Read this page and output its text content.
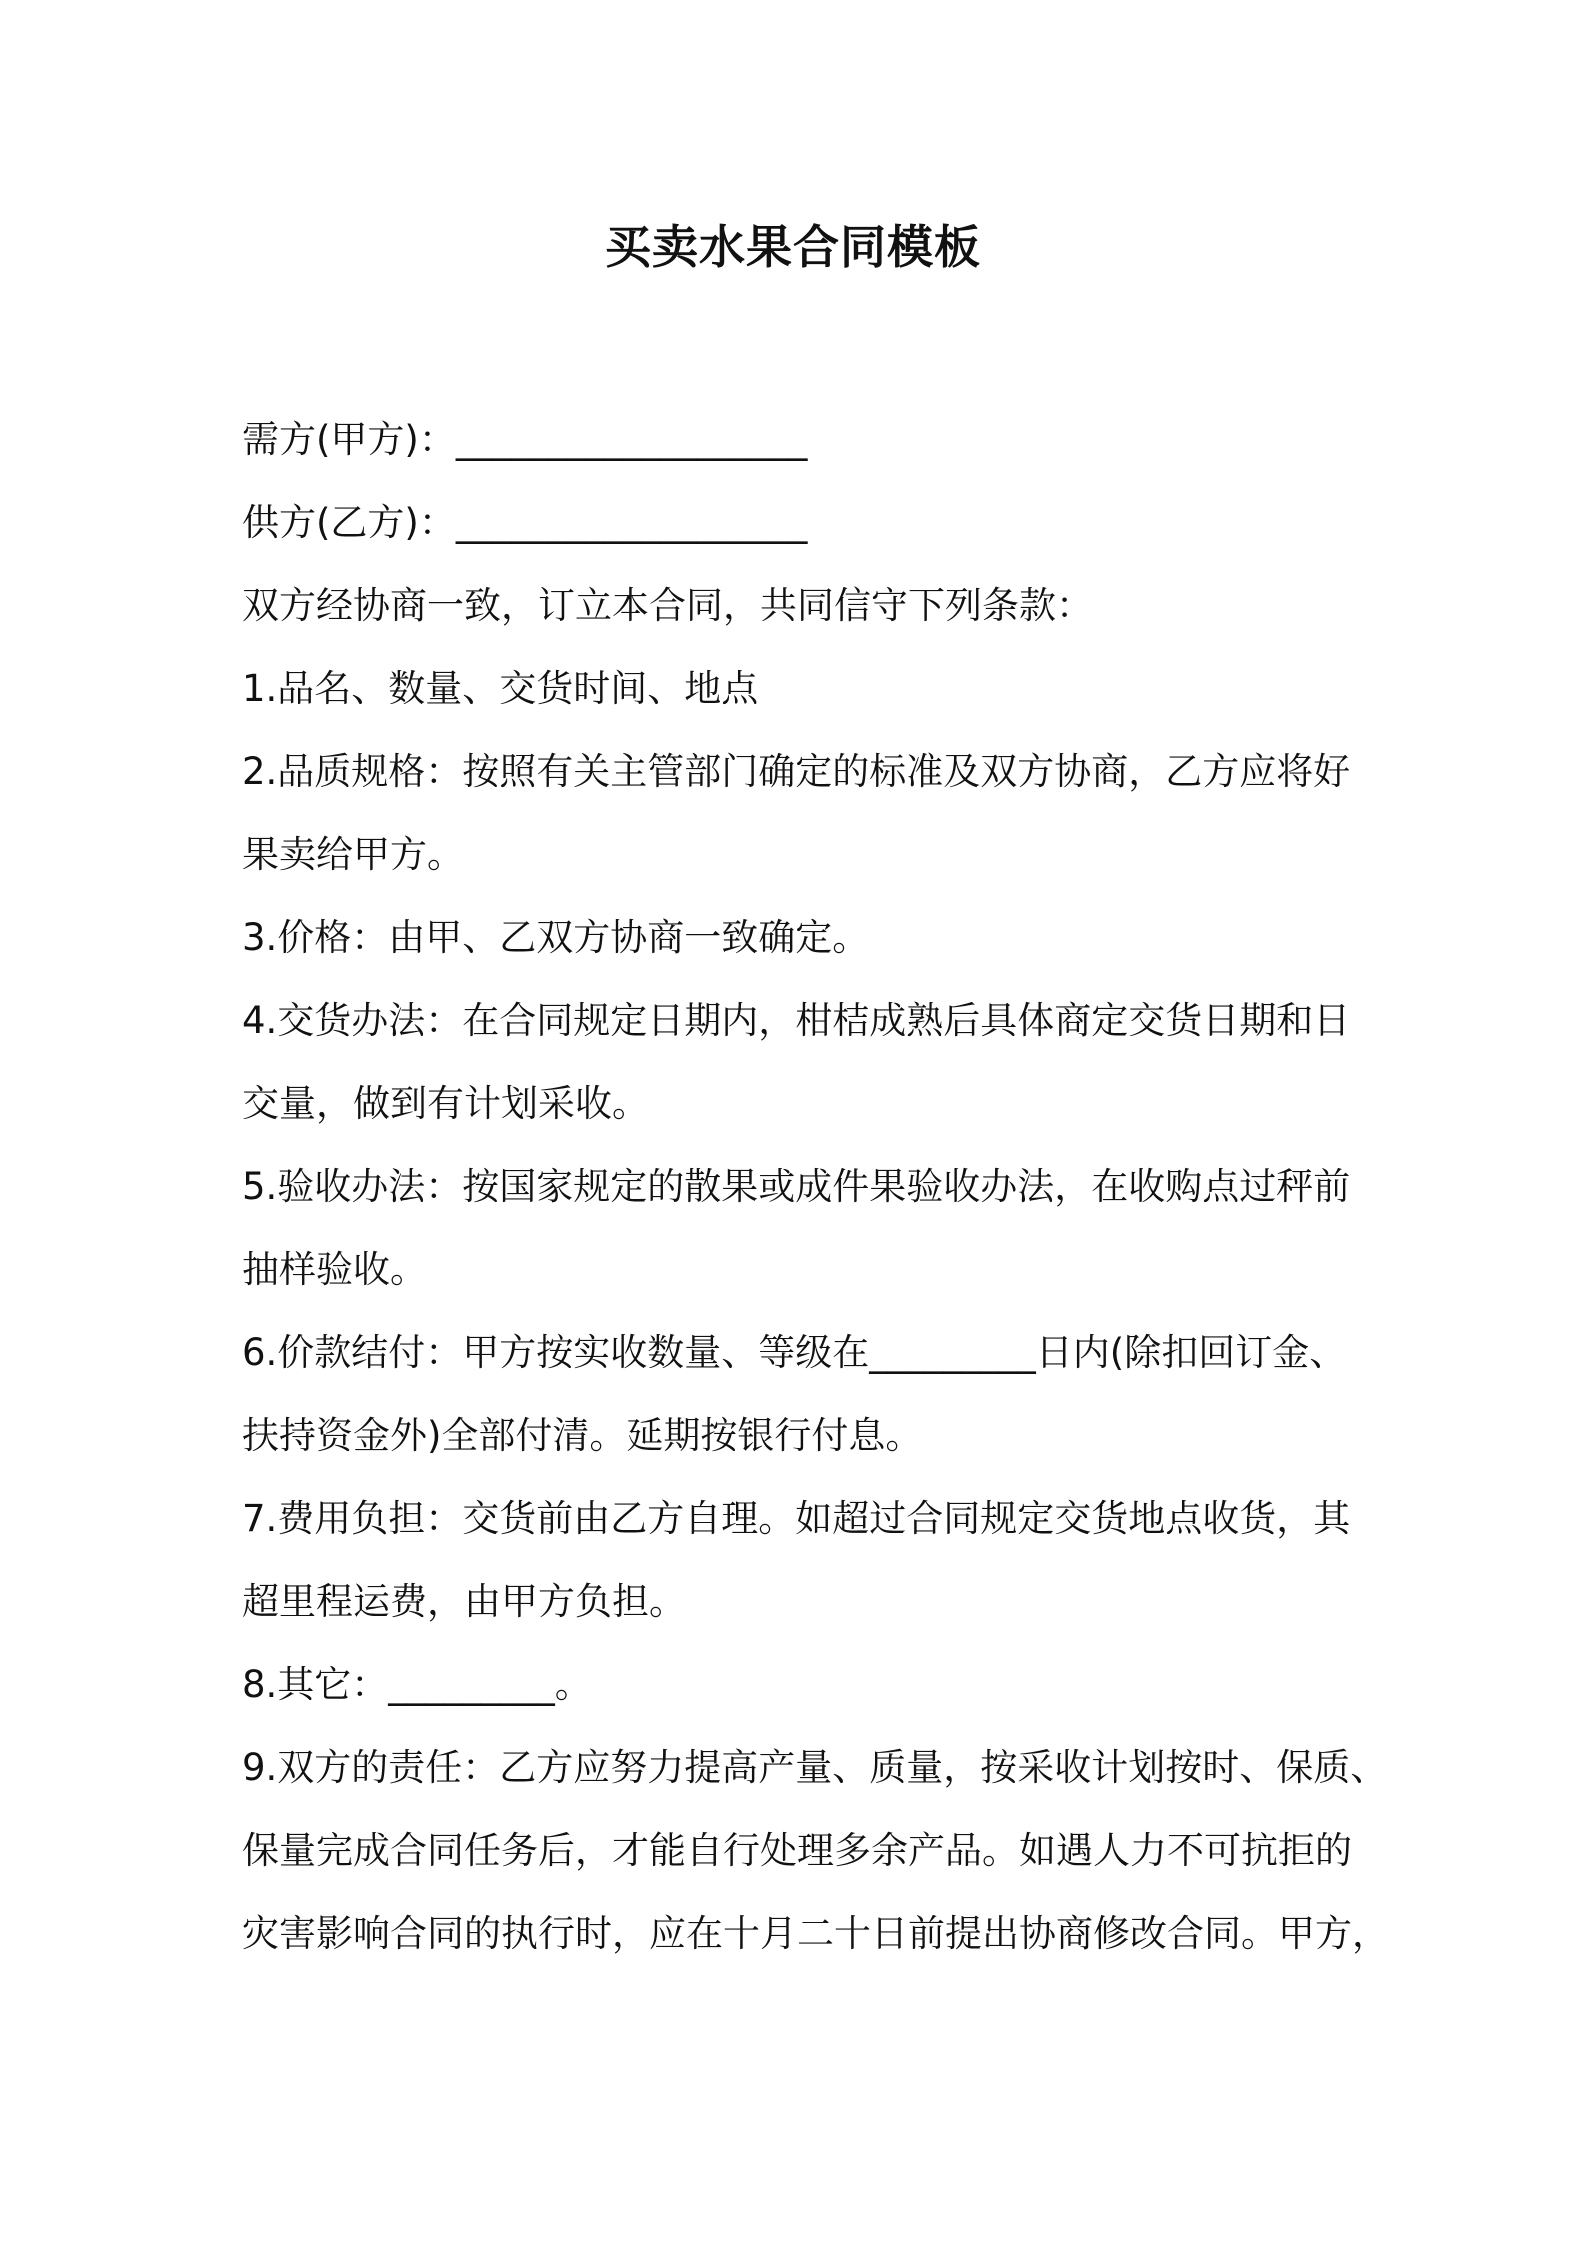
买卖水果合同模板
需方(甲方)：___________________
供方(乙方)：___________________
双方经协商一致，订立本合同，共同信守下列条款：
1.品名、数量、交货时间、地点
2.品质规格：按照有关主管部门确定的标准及双方协商，乙方应将好
果卖给甲方。
3.价格：由甲、乙双方协商一致确定。
4.交货办法：在合同规定日期内，柑桔成熟后具体商定交货日期和日
交量，做到有计划采收。
5.验收办法：按国家规定的散果或成件果验收办法，在收购点过秤前
抽样验收。
6.价款结付：甲方按实收数量、等级在_________日内(除扣回订金、
扶持资金外)全部付清。延期按银行付息。
7.费用负担：交货前由乙方自理。如超过合同规定交货地点收货，其
超里程运费，由甲方负担。
8.其它：_________。
9.双方的责任：乙方应努力提高产量、质量，按采收计划按时、保质、
保量完成合同任务后，才能自行处理多余产品。如遇人力不可抗拒的
灾害影响合同的执行时，应在十月二十日前提出协商修改合同。甲方，
